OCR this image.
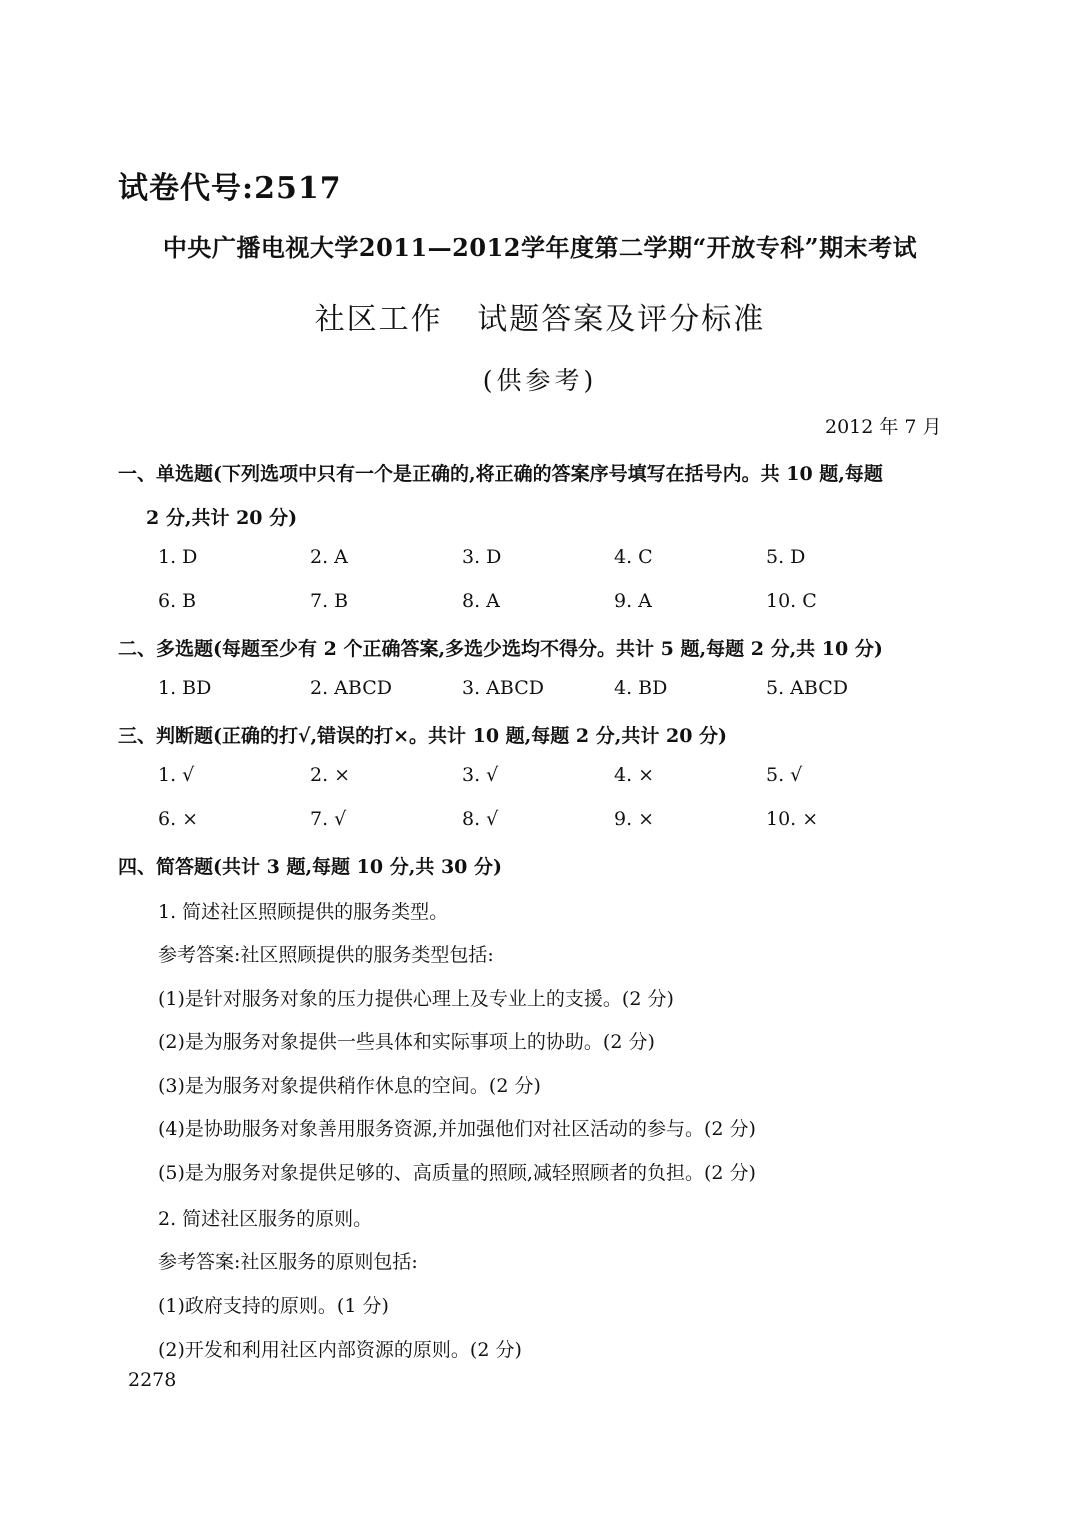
试卷代号:2517
中央广播电视大学2011—2012学年度第二学期“开放专科”期末考试
社区工作   试题答案及评分标准
(供参考)
2012 年 7 月
一、单选题(下列选项中只有一个是正确的,将正确的答案序号填写在括号内。共 10 题,每题
2 分,共计 20 分)
1. D	2. A	3. D	4. C	5. D
6. B	7. B	8. A	9. A	10. C
二、多选题(每题至少有 2 个正确答案,多选少选均不得分。共计 5 题,每题 2 分,共 10 分)
1. BD	2. ABCD	3. ABCD	4. BD	5. ABCD
三、判断题(正确的打√,错误的打×。共计 10 题,每题 2 分,共计 20 分)
1. √	2. ×	3. √	4. ×	5. √
6. ×	7. √	8. √	9. ×	10. ×
四、简答题(共计 3 题,每题 10 分,共 30 分)
1. 简述社区照顾提供的服务类型。
参考答案:社区照顾提供的服务类型包括:
(1)是针对服务对象的压力提供心理上及专业上的支援。(2 分)
(2)是为服务对象提供一些具体和实际事项上的协助。(2 分)
(3)是为服务对象提供稍作休息的空间。(2 分)
(4)是协助服务对象善用服务资源,并加强他们对社区活动的参与。(2 分)
(5)是为服务对象提供足够的、高质量的照顾,减轻照顾者的负担。(2 分)
2. 简述社区服务的原则。
参考答案:社区服务的原则包括:
(1)政府支持的原则。(1 分)
(2)开发和利用社区内部资源的原则。(2 分)
2278
